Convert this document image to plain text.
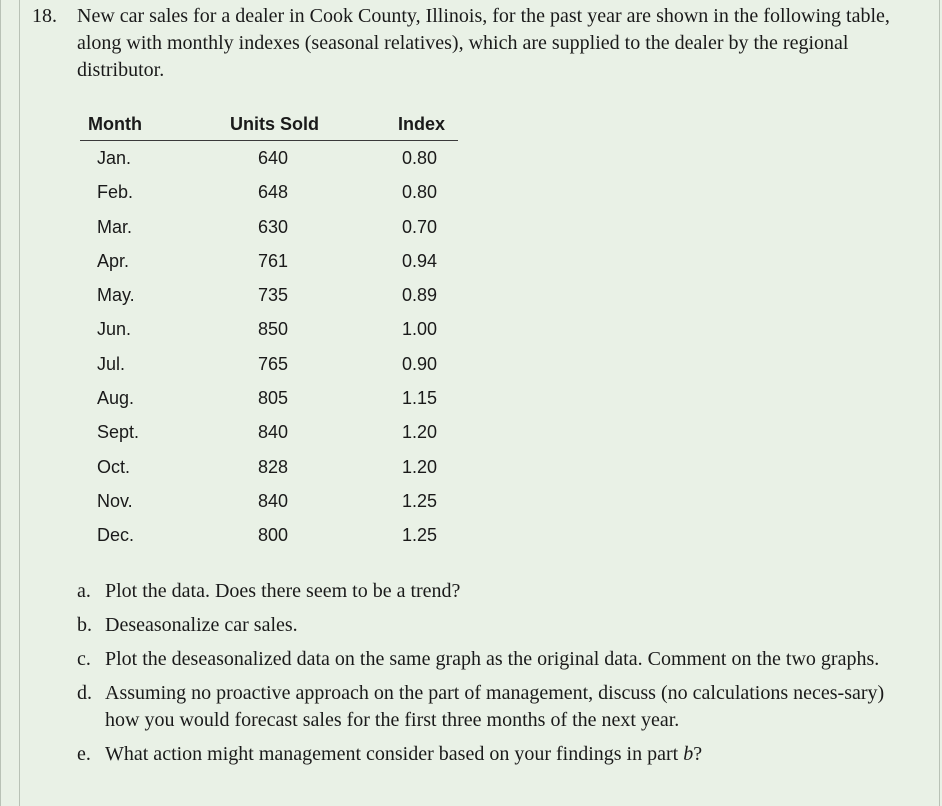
18. New car sales for a dealer in Cook County, Illinois, for the past year are shown in the following table, along with monthly indexes (seasonal relatives), which are supplied to the dealer by the regional distributor.
Month	Units Sold	Index
Jan.	640	0.80
Feb.	648	0.80
Mar.	630	0.70
Apr.	761	0.94
May.	735	0.89
Jun.	850	1.00
Jul.	765	0.90
Aug.	805	1.15
Sept.	840	1.20
Oct.	828	1.20
Nov.	840	1.25
Dec.	800	1.25
a. Plot the data. Does there seem to be a trend?
b. Deseasonalize car sales.
c. Plot the deseasonalized data on the same graph as the original data. Comment on the two graphs.
d. Assuming no proactive approach on the part of management, discuss (no calculations neces-sary) how you would forecast sales for the first three months of the next year.
e. What action might management consider based on your findings in part b?
